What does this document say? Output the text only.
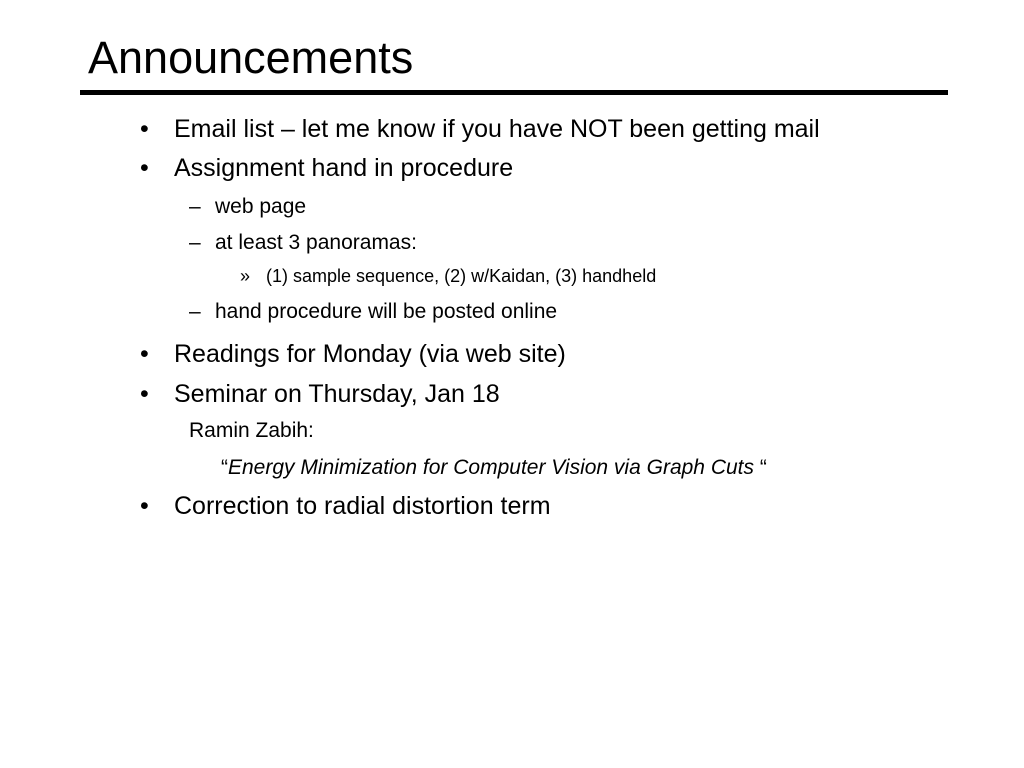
Announcements
• Email list – let me know if you have NOT been getting mail
• Assignment hand in procedure
– web page
– at least 3 panoramas:
» (1) sample sequence, (2) w/Kaidan, (3) handheld
– hand procedure will be posted online
• Readings for Monday (via web site)
• Seminar on Thursday, Jan 18
Ramin Zabih:
“Energy Minimization for Computer Vision via Graph Cuts “
• Correction to radial distortion term
